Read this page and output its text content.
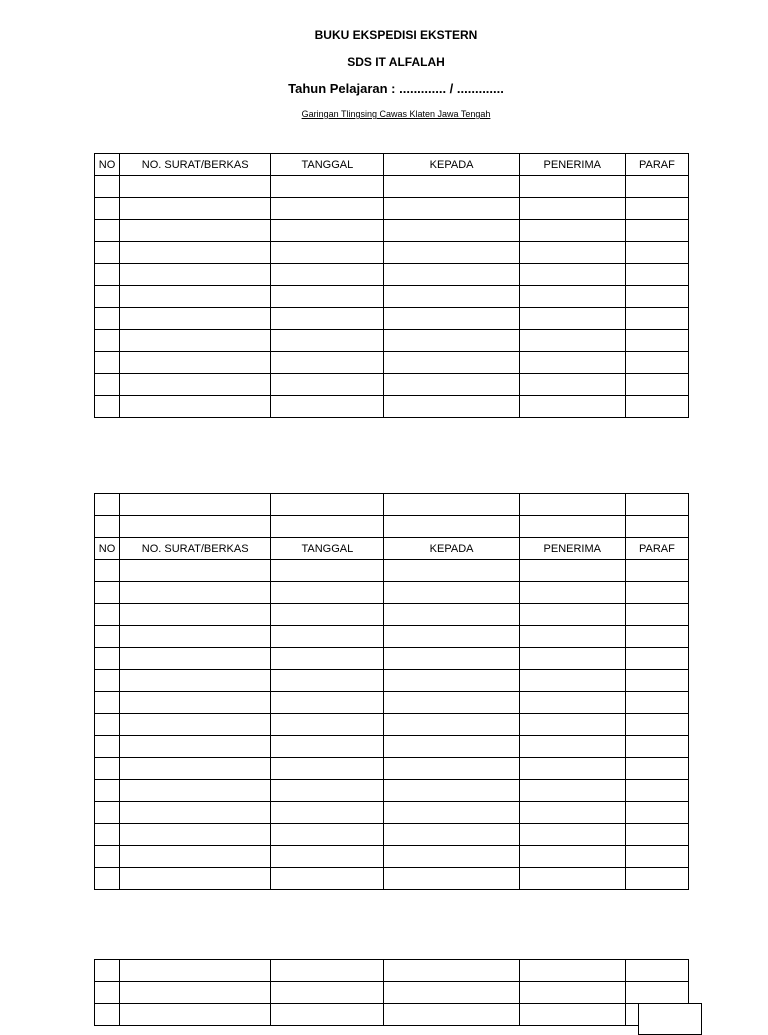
BUKU EKSPEDISI EKSTERN
SDS IT ALFALAH
Tahun Pelajaran : ............. / .............
Garingan Tlingsing Cawas Klaten Jawa Tengah
NO	NO. SURAT/BERKAS	TANGGAL	KEPADA	PENERIMA	PARAF

NO	NO. SURAT/BERKAS	TANGGAL	KEPADA	PENERIMA	PARAF
